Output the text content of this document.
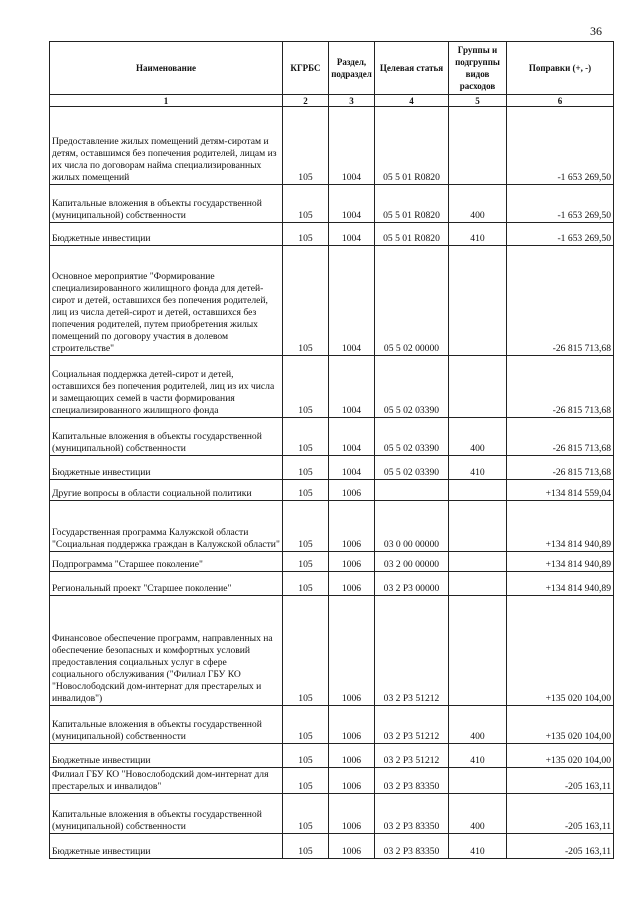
36
Наименование	КГРБС	Раздел, подраздел	Целевая статья	Группы и подгруппы видов расходов	Поправки (+, -)
1	2	3	4	5	6
Предоставление жилых помещений детям-сиротам и детям, оставшимся без попечения родителей, лицам из их числа по договорам найма специализированных жилых помещений	105	1004	05 5 01 R0820		-1 653 269,50
Капитальные вложения в объекты государственной (муниципальной) собственности	105	1004	05 5 01 R0820	400	-1 653 269,50
Бюджетные инвестиции	105	1004	05 5 01 R0820	410	-1 653 269,50
Основное мероприятие "Формирование специализированного жилищного фонда для детей-сирот и детей, оставшихся без попечения родителей, лиц из числа детей-сирот и детей, оставшихся без попечения родителей, путем приобретения жилых помещений по договору участия в долевом строительстве"	105	1004	05 5 02 00000		-26 815 713,68
Социальная поддержка детей-сирот и детей, оставшихся без попечения родителей, лиц из их числа и замещающих семей в части формирования специализированного жилищного фонда	105	1004	05 5 02 03390		-26 815 713,68
Капитальные вложения в объекты государственной (муниципальной) собственности	105	1004	05 5 02 03390	400	-26 815 713,68
Бюджетные инвестиции	105	1004	05 5 02 03390	410	-26 815 713,68
Другие вопросы в области социальной политики	105	1006			+134 814 559,04
Государственная программа Калужской области "Социальная поддержка граждан в Калужской области"	105	1006	03 0 00 00000		+134 814 940,89
Подпрограмма "Старшее поколение"	105	1006	03 2 00 00000		+134 814 940,89
Региональный проект "Старшее поколение"	105	1006	03 2 P3 00000		+134 814 940,89
Финансовое обеспечение программ, направленных на обеспечение безопасных и комфортных условий предоставления социальных услуг в сфере социального обслуживания ("Филиал ГБУ КО "Новослободский дом-интернат для престарелых и инвалидов")	105	1006	03 2 P3 51212		+135 020 104,00
Капитальные вложения в объекты государственной (муниципальной) собственности	105	1006	03 2 P3 51212	400	+135 020 104,00
Бюджетные инвестиции	105	1006	03 2 P3 51212	410	+135 020 104,00
Филиал ГБУ КО "Новослободский дом-интернат для престарелых и инвалидов"	105	1006	03 2 P3 83350		-205 163,11
Капитальные вложения в объекты государственной (муниципальной) собственности	105	1006	03 2 P3 83350	400	-205 163,11
Бюджетные инвестиции	105	1006	03 2 P3 83350	410	-205 163,11
